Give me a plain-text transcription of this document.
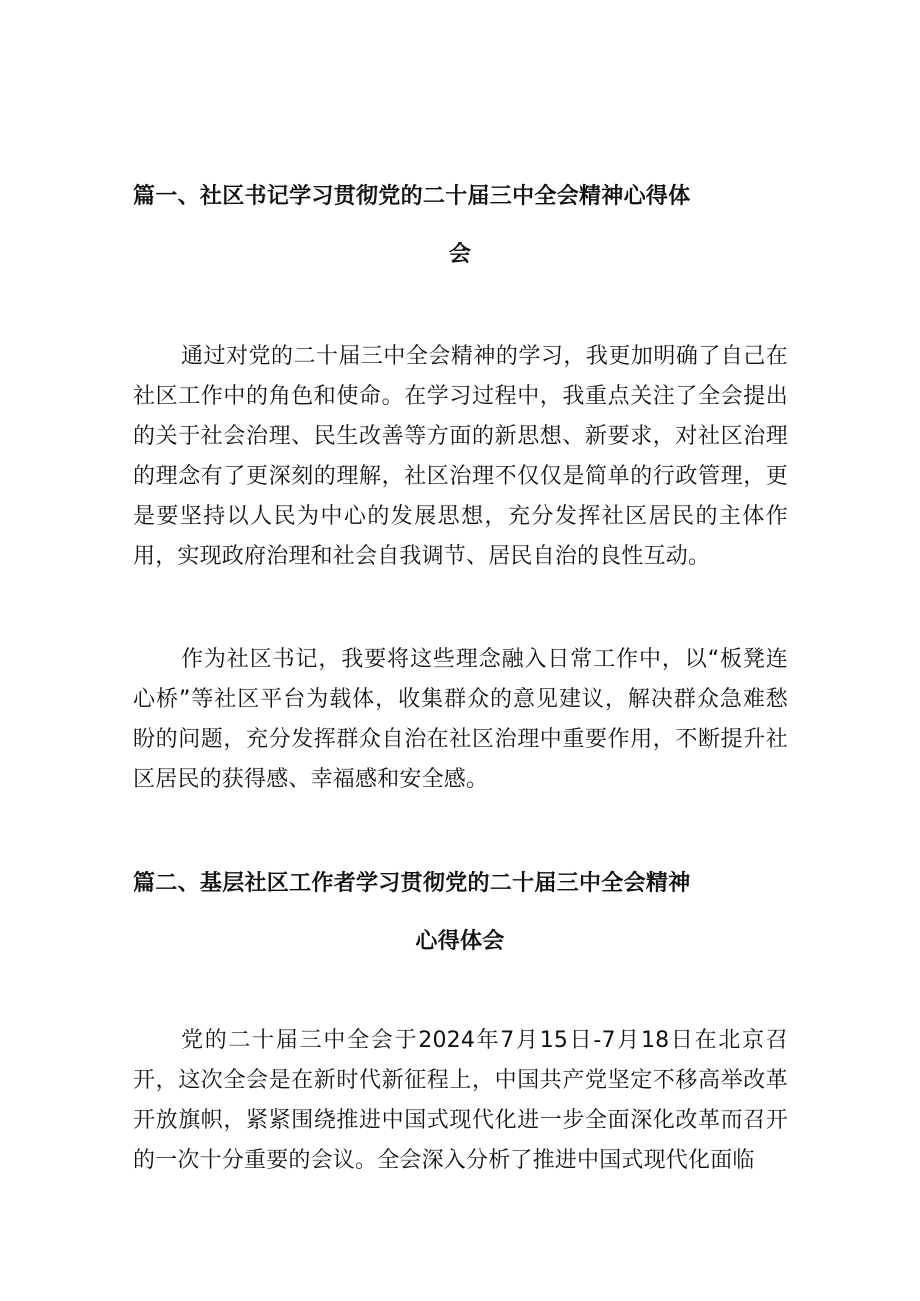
篇一、社区书记学习贯彻党的二十届三中全会精神心得体
会

通过对党的二十届三中全会精神的学习，我更加明确了自己在社区工作中的角色和使命。在学习过程中，我重点关注了全会提出的关于社会治理、民生改善等方面的新思想、新要求，对社区治理的理念有了更深刻的理解，社区治理不仅仅是简单的行政管理，更是要坚持以人民为中心的发展思想，充分发挥社区居民的主体作用，实现政府治理和社会自我调节、居民自治的良性互动。

作为社区书记，我要将这些理念融入日常工作中，以“板凳连心桥”等社区平台为载体，收集群众的意见建议，解决群众急难愁盼的问题，充分发挥群众自治在社区治理中重要作用，不断提升社区居民的获得感、幸福感和安全感。

篇二、基层社区工作者学习贯彻党的二十届三中全会精神
心得体会

党的二十届三中全会于2024年7月15日-7月18日在北京召开，这次全会是在新时代新征程上，中国共产党坚定不移高举改革开放旗帜，紧紧围绕推进中国式现代化进一步全面深化改革而召开的一次十分重要的会议。全会深入分析了推进中国式现代化面临
